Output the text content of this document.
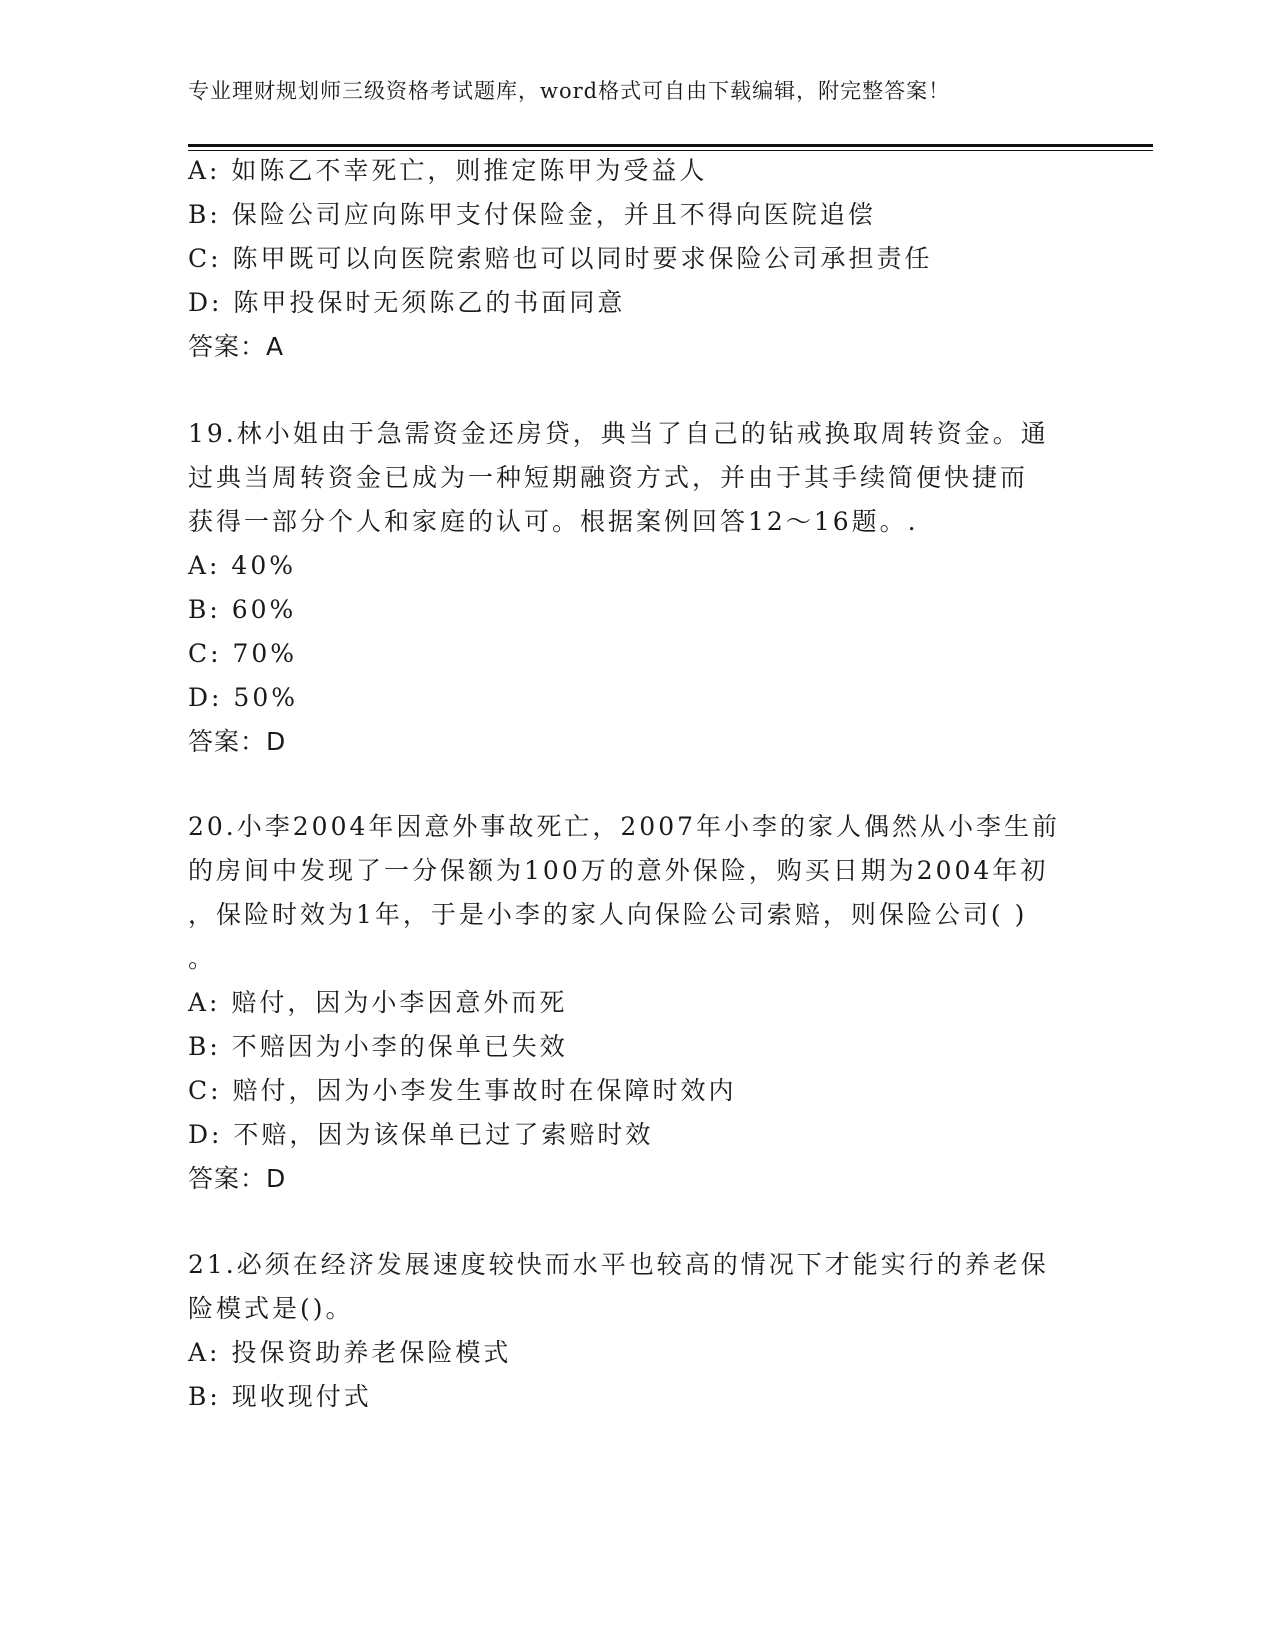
专业理财规划师三级资格考试题库，word格式可自由下载编辑，附完整答案！
A: 如陈乙不幸死亡，则推定陈甲为受益人
B: 保险公司应向陈甲支付保险金，并且不得向医院追偿
C: 陈甲既可以向医院索赔也可以同时要求保险公司承担责任
D: 陈甲投保时无须陈乙的书面同意
答案：A
19.林小姐由于急需资金还房贷，典当了自己的钻戒换取周转资金。通
过典当周转资金已成为一种短期融资方式，并由于其手续简便快捷而
获得一部分个人和家庭的认可。根据案例回答12～16题。.
A: 40%
B: 60%
C: 70%
D: 50%
答案：D
20.小李2004年因意外事故死亡，2007年小李的家人偶然从小李生前
的房间中发现了一分保额为100万的意外保险，购买日期为2004年初
，保险时效为1年，于是小李的家人向保险公司索赔，则保险公司( )
。
A: 赔付，因为小李因意外而死
B: 不赔因为小李的保单已失效
C: 赔付，因为小李发生事故时在保障时效内
D: 不赔，因为该保单已过了索赔时效
答案：D
21.必须在经济发展速度较快而水平也较高的情况下才能实行的养老保
险模式是()。
A: 投保资助养老保险模式
B: 现收现付式
